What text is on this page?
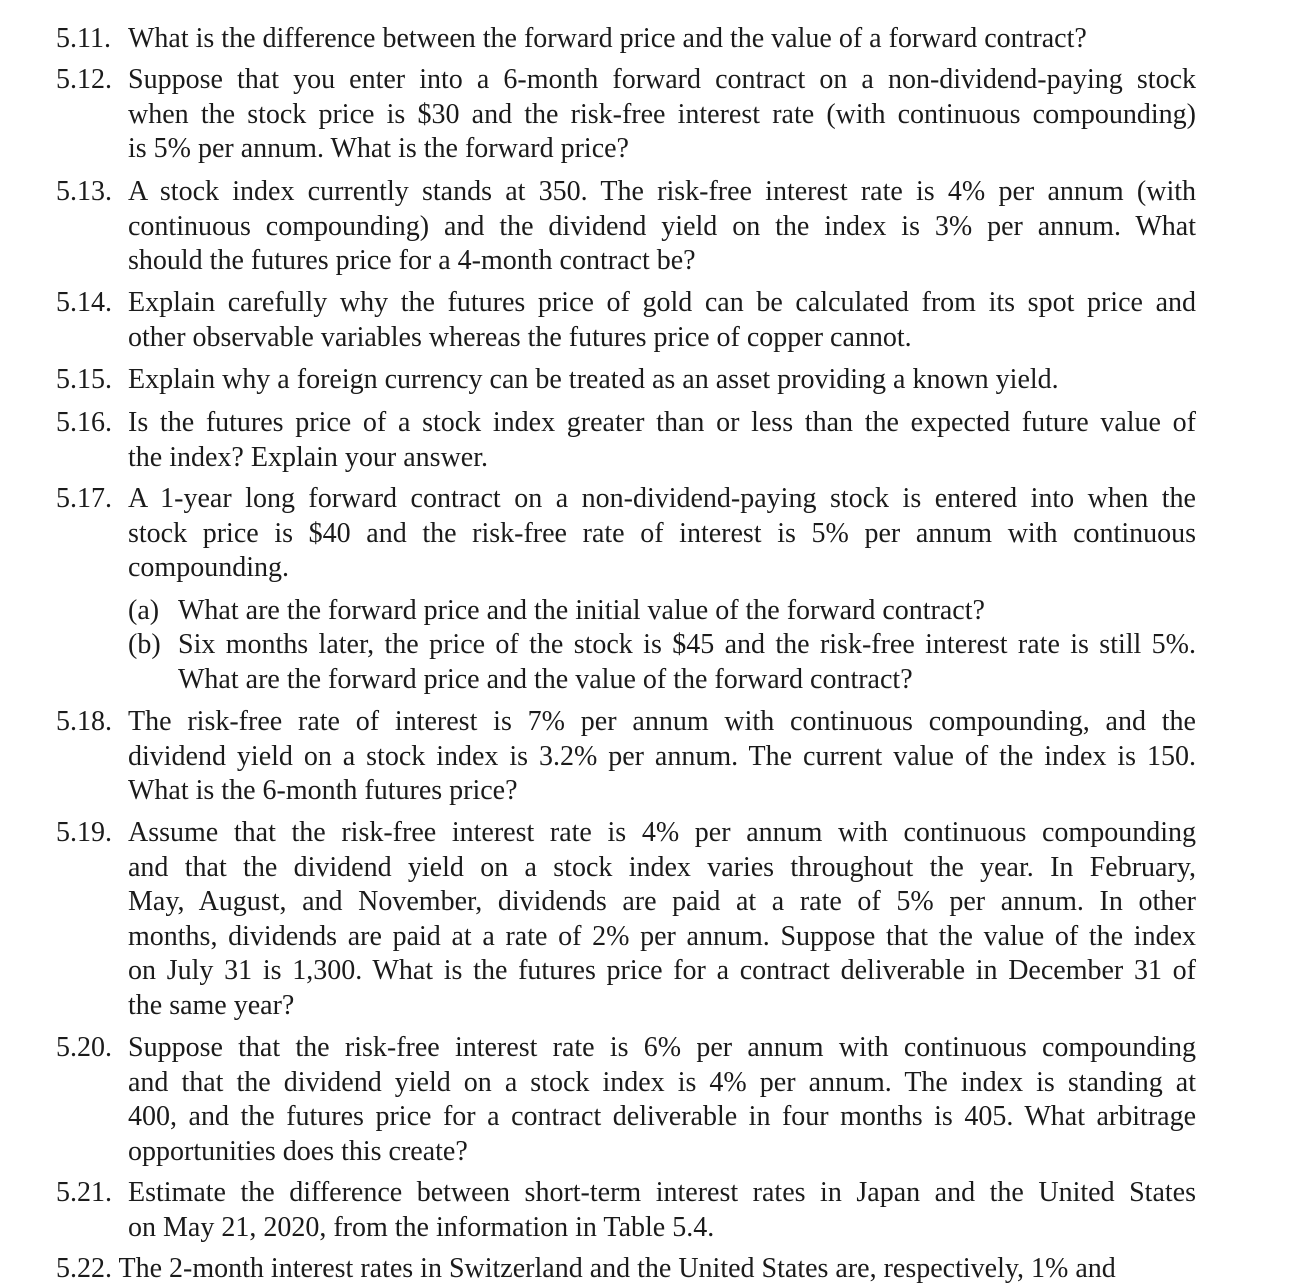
5.11. What is the difference between the forward price and the value of a forward contract?
5.12. Suppose that you enter into a 6-month forward contract on a non-dividend-paying stock
when the stock price is $30 and the risk-free interest rate (with continuous compounding)
is 5% per annum. What is the forward price?
5.13. A stock index currently stands at 350. The risk-free interest rate is 4% per annum (with
continuous compounding) and the dividend yield on the index is 3% per annum. What
should the futures price for a 4-month contract be?
5.14. Explain carefully why the futures price of gold can be calculated from its spot price and
other observable variables whereas the futures price of copper cannot.
5.15. Explain why a foreign currency can be treated as an asset providing a known yield.
5.16. Is the futures price of a stock index greater than or less than the expected future value of
the index? Explain your answer.
5.17. A 1-year long forward contract on a non-dividend-paying stock is entered into when the
stock price is $40 and the risk-free rate of interest is 5% per annum with continuous
compounding.
(a) What are the forward price and the initial value of the forward contract?
(b) Six months later, the price of the stock is $45 and the risk-free interest rate is still 5%.
What are the forward price and the value of the forward contract?
5.18. The risk-free rate of interest is 7% per annum with continuous compounding, and the
dividend yield on a stock index is 3.2% per annum. The current value of the index is 150.
What is the 6-month futures price?
5.19. Assume that the risk-free interest rate is 4% per annum with continuous compounding
and that the dividend yield on a stock index varies throughout the year. In February,
May, August, and November, dividends are paid at a rate of 5% per annum. In other
months, dividends are paid at a rate of 2% per annum. Suppose that the value of the index
on July 31 is 1,300. What is the futures price for a contract deliverable in December 31 of
the same year?
5.20. Suppose that the risk-free interest rate is 6% per annum with continuous compounding
and that the dividend yield on a stock index is 4% per annum. The index is standing at
400, and the futures price for a contract deliverable in four months is 405. What arbitrage
opportunities does this create?
5.21. Estimate the difference between short-term interest rates in Japan and the United States
on May 21, 2020, from the information in Table 5.4.
5.22. The 2-month interest rates in Switzerland and the United States are, respectively, 1% and
